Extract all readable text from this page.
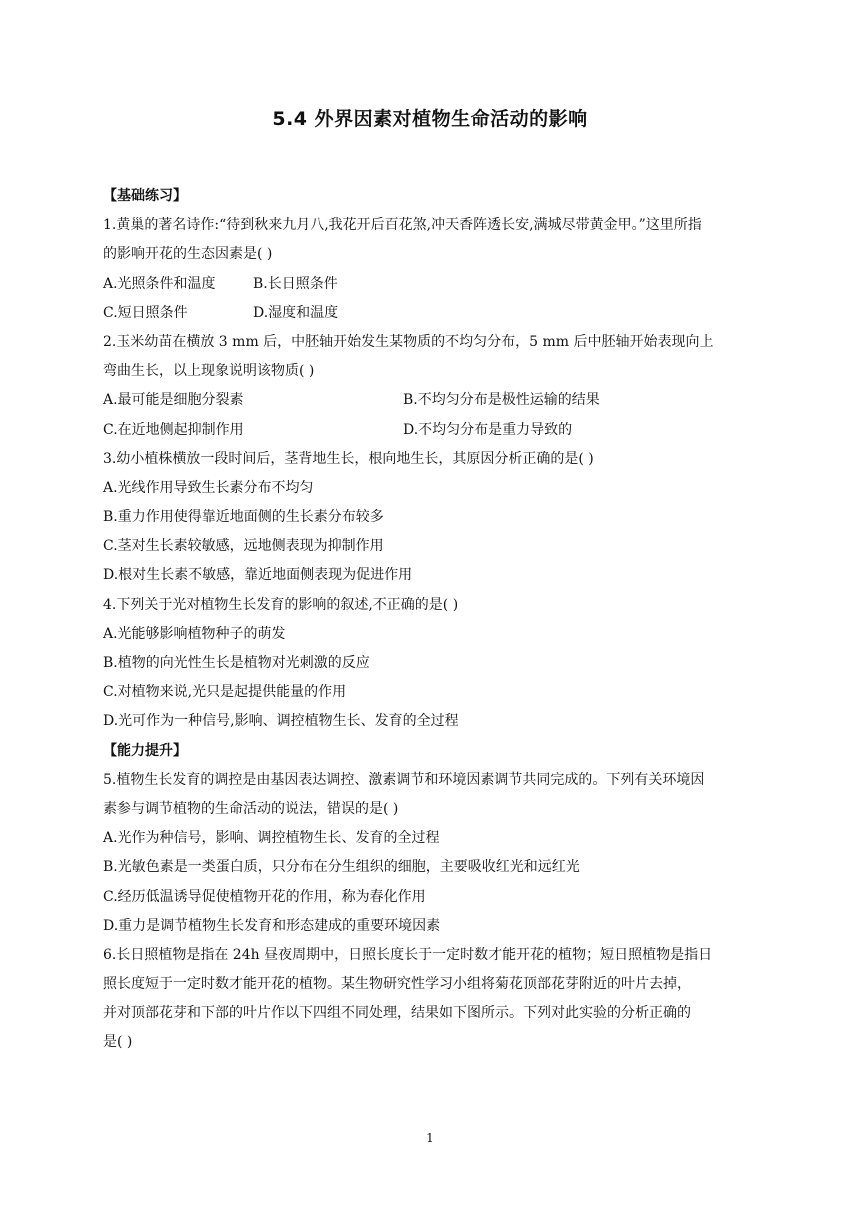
5.4 外界因素对植物生命活动的影响
【基础练习】
1.黄巢的著名诗作:“待到秋来九月八,我花开后百花煞,冲天香阵透长安,满城尽带黄金甲。”这里所指
的影响开花的生态因素是( )
A.光照条件和温度	B.长日照条件
C.短日照条件	D.湿度和温度
2.玉米幼苗在横放 3 mm 后，中胚轴开始发生某物质的不均匀分布，5 mm 后中胚轴开始表现向上
弯曲生长，以上现象说明该物质( )
A.最可能是细胞分裂素	B.不均匀分布是极性运输的结果
C.在近地侧起抑制作用	D.不均匀分布是重力导致的
3.幼小植株横放一段时间后，茎背地生长，根向地生长，其原因分析正确的是( )
A.光线作用导致生长素分布不均匀
B.重力作用使得靠近地面侧的生长素分布较多
C.茎对生长素较敏感，远地侧表现为抑制作用
D.根对生长素不敏感，靠近地面侧表现为促进作用
4.下列关于光对植物生长发育的影响的叙述,不正确的是( )
A.光能够影响植物种子的萌发
B.植物的向光性生长是植物对光刺激的反应
C.对植物来说,光只是起提供能量的作用
D.光可作为一种信号,影响、调控植物生长、发育的全过程
【能力提升】
5.植物生长发育的调控是由基因表达调控、激素调节和环境因素调节共同完成的。下列有关环境因
素参与调节植物的生命活动的说法，错误的是( )
A.光作为种信号，影响、调控植物生长、发育的全过程
B.光敏色素是一类蛋白质，只分布在分生组织的细胞，主要吸收红光和远红光
C.经历低温诱导促使植物开花的作用，称为春化作用
D.重力是调节植物生长发育和形态建成的重要环境因素
6.长日照植物是指在 24h 昼夜周期中，日照长度长于一定时数才能开花的植物；短日照植物是指日
照长度短于一定时数才能开花的植物。某生物研究性学习小组将菊花顶部花芽附近的叶片去掉，
并对顶部花芽和下部的叶片作以下四组不同处理，结果如下图所示。下列对此实验的分析正确的
是( )
1
